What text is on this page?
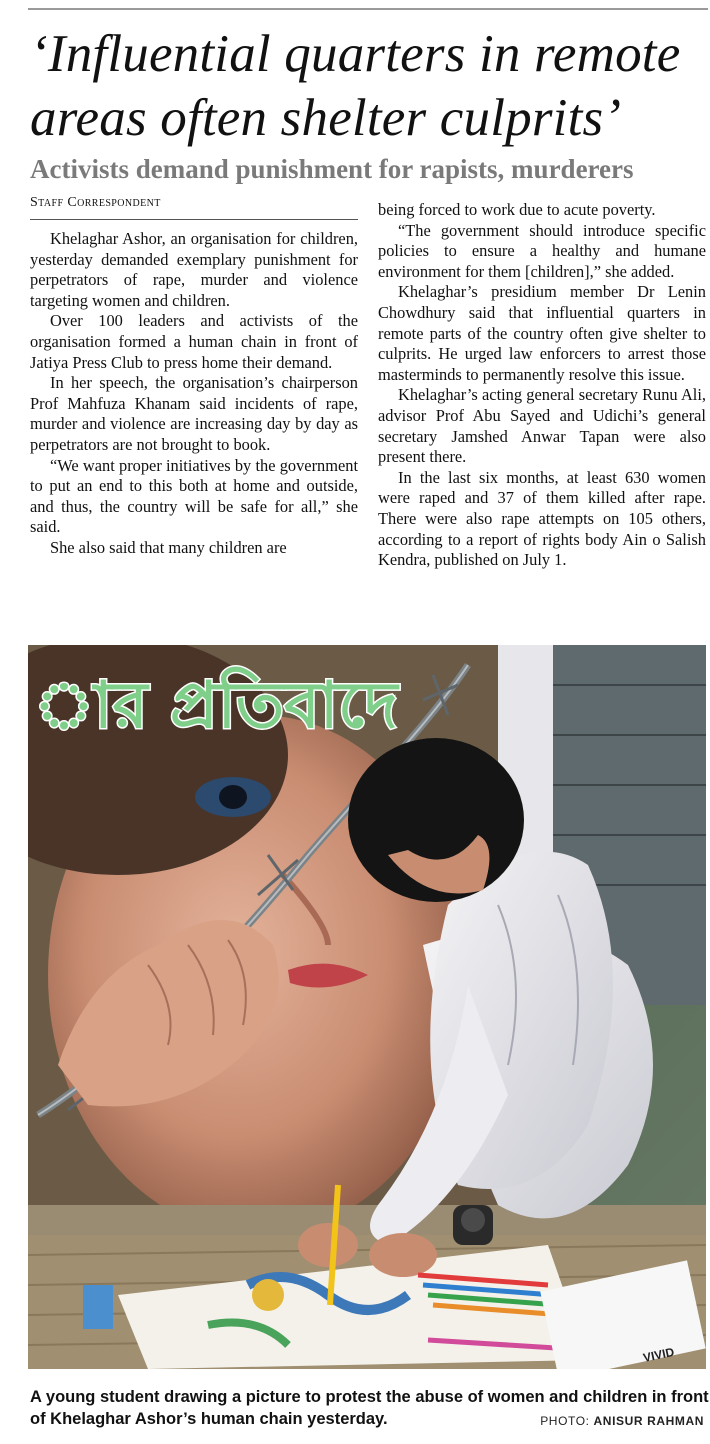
‘Influential quarters in remote
areas often shelter culprits’
Activists demand punishment for rapists, murderers
Staff Correspondent

Khelaghar Ashor, an organisation for children, yesterday demanded exemplary punishment for perpetrators of rape, murder and violence targeting women and children.

Over 100 leaders and activists of the organisation formed a human chain in front of Jatiya Press Club to press home their demand.

In her speech, the organisation’s chairperson Prof Mahfuza Khanam said incidents of rape, murder and violence are increasing day by day as perpetrators are not brought to book.

“We want proper initiatives by the government to put an end to this both at home and outside, and thus, the country will be safe for all,” she said.

She also said that many children are

being forced to work due to acute poverty.

“The government should introduce specific policies to ensure a healthy and humane environment for them [children],” she added.

Khelaghar’s presidium member Dr Lenin Chowdhury said that influential quarters in remote parts of the country often give shelter to culprits. He urged law enforcers to arrest those masterminds to permanently resolve this issue.

Khelaghar’s acting general secretary Runu Ali, advisor Prof Abu Sayed and Udichi’s general secretary Jamshed Anwar Tapan were also present there.

In the last six months, at least 630 women were raped and 37 of them killed after rape. There were also rape attempts on 105 others, according to a report of rights body Ain o Salish Kendra, published on July 1.

ার প্রতিবাদে
VIVID
A young student drawing a picture to protest the abuse of women and children in front of Khelaghar Ashor’s human chain yesterday.	PHOTO: ANISUR RAHMAN
